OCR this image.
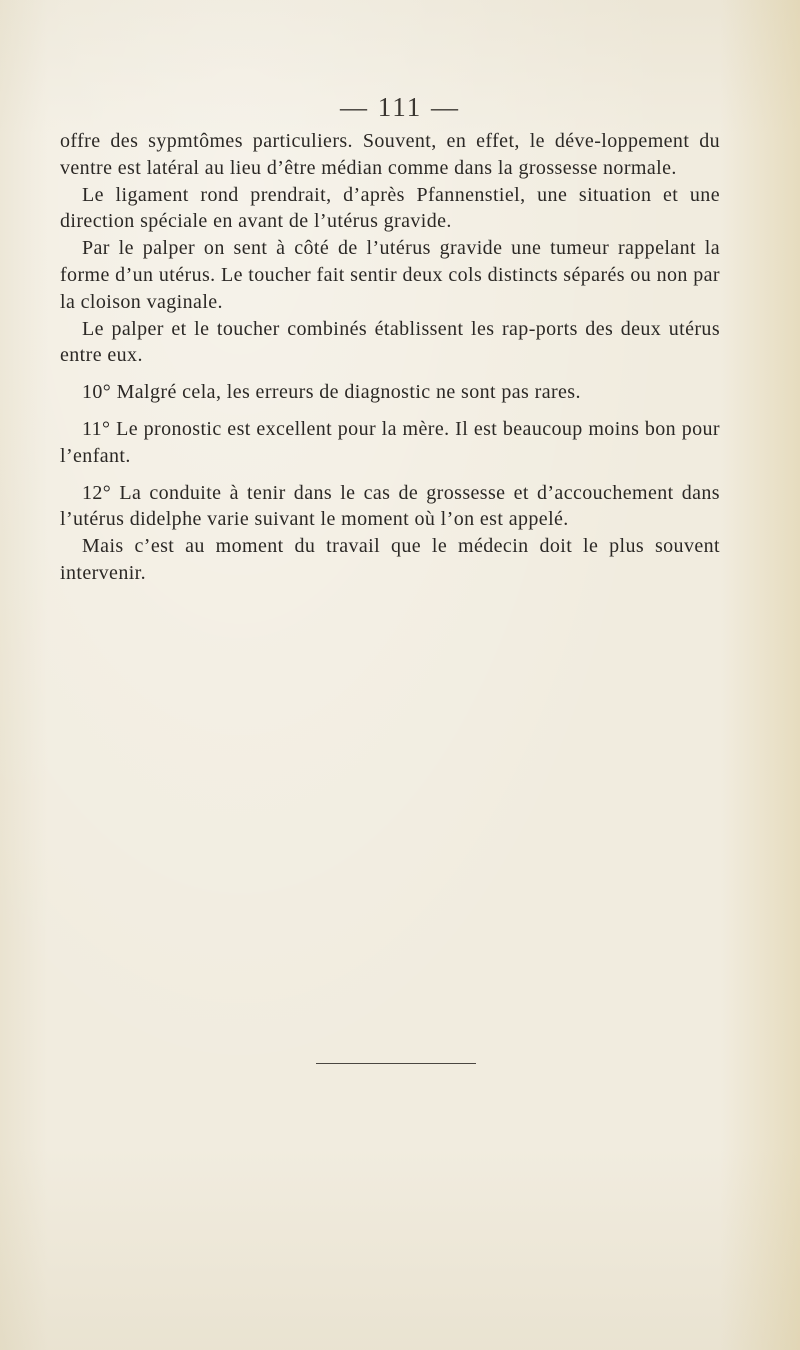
— 111 —

offre des sypmtômes particuliers. Souvent, en effet, le déve-loppement du ventre est latéral au lieu d’être médian comme dans la grossesse normale.

Le ligament rond prendrait, d’après Pfannenstiel, une situation et une direction spéciale en avant de l’utérus gravide.

Par le palper on sent à côté de l’utérus gravide une tumeur rappelant la forme d’un utérus. Le toucher fait sentir deux cols distincts séparés ou non par la cloison vaginale.

Le palper et le toucher combinés établissent les rap-ports des deux utérus entre eux.

10° Malgré cela, les erreurs de diagnostic ne sont pas rares.

11° Le pronostic est excellent pour la mère. Il est beaucoup moins bon pour l’enfant.

12° La conduite à tenir dans le cas de grossesse et d’accouchement dans l’utérus didelphe varie suivant le moment où l’on est appelé.

Mais c’est au moment du travail que le médecin doit le plus souvent intervenir.
